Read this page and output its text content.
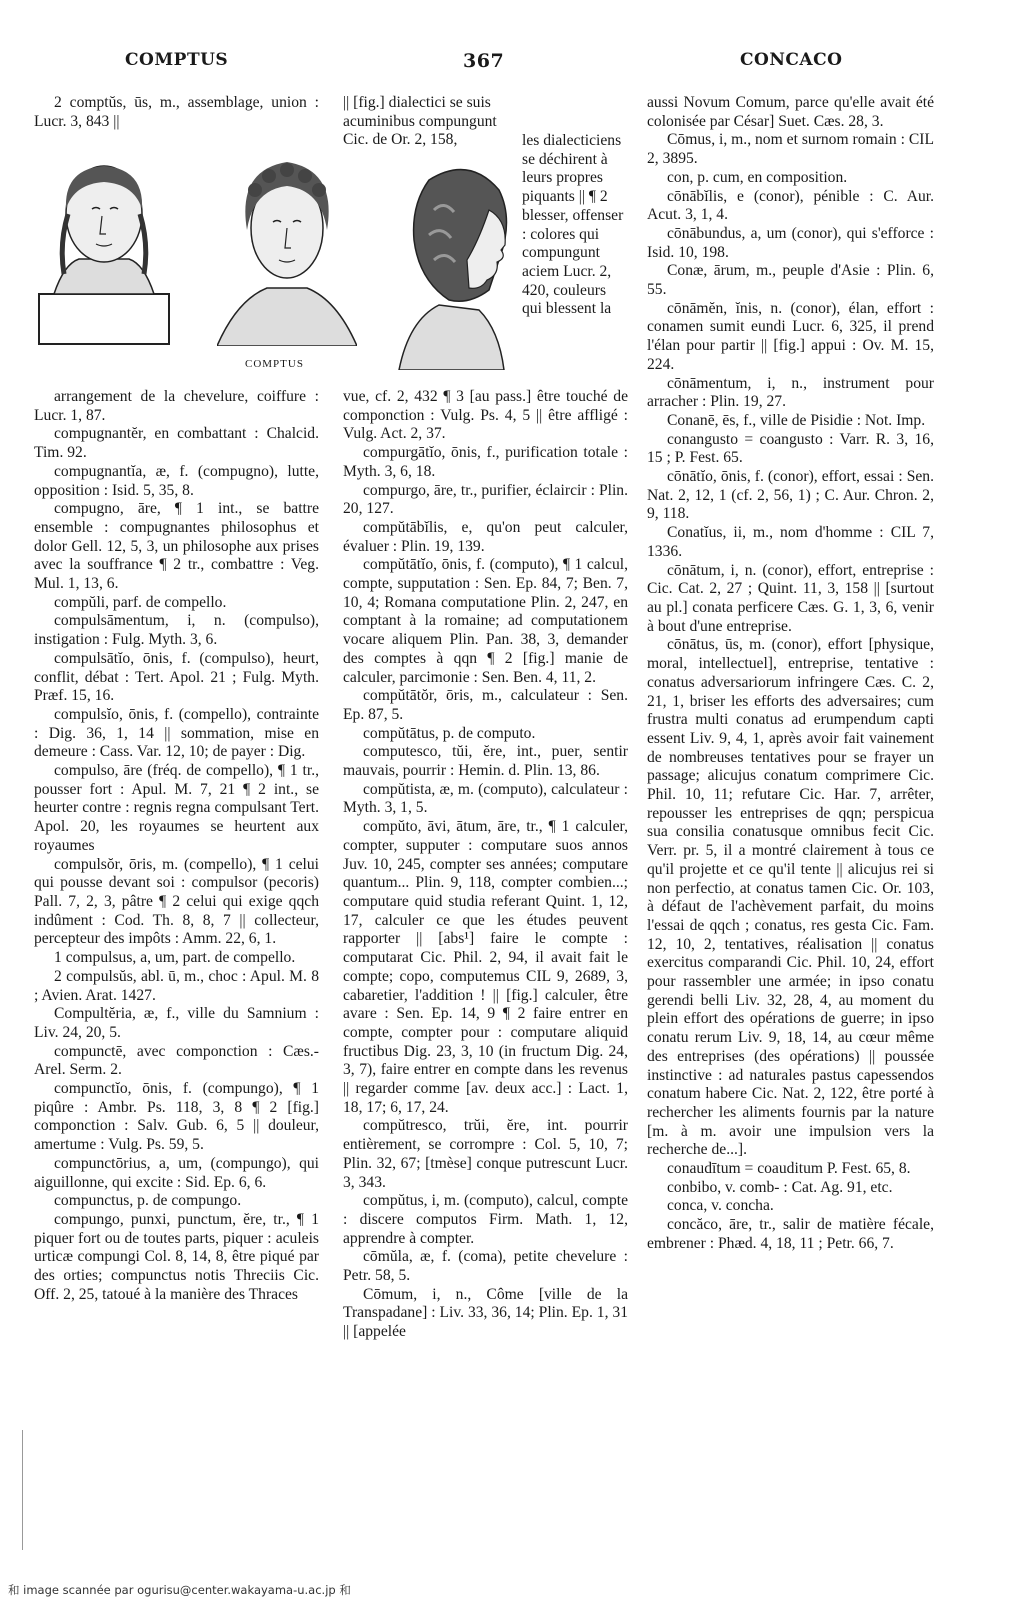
COMPTUS	367	CONCACO

2 comptŭs, ūs, m., assemblage, union : Lucr. 3, 843 ||

COMPTUS

arrangement de la chevelure, coiffure : Lucr. 1, 87.

compugnantĕr, en combattant : Chalcid. Tim. 92.

compugnantĭa, æ, f. (compugno), lutte, opposition : Isid. 5, 35, 8.

compugno, āre, ¶ 1 int., se battre ensemble : compugnantes philosophus et dolor Gell. 12, 5, 3, un philosophe aux prises avec la souffrance ¶ 2 tr., combattre : Veg. Mul. 1, 13, 6.

compŭli, parf. de compello.

compulsāmentum, i, n. (compulso), instigation : Fulg. Myth. 3, 6.

compulsātĭo, ōnis, f. (compulso), heurt, conflit, débat : Tert. Apol. 21 ; Fulg. Myth. Præf. 15, 16.

compulsĭo, ōnis, f. (compello), contrainte : Dig. 36, 1, 14 || sommation, mise en demeure : Cass. Var. 12, 10; de payer : Dig.

compulso, āre (fréq. de compello), ¶ 1 tr., pousser fort : Apul. M. 7, 21 ¶ 2 int., se heurter contre : regnis regna compulsant Tert. Apol. 20, les royaumes se heurtent aux royaumes

compulsŏr, ōris, m. (compello), ¶ 1 celui qui pousse devant soi : compulsor (pecoris) Pall. 7, 2, 3, pâtre ¶ 2 celui qui exige qqch indûment : Cod. Th. 8, 8, 7 || collecteur, percepteur des impôts : Amm. 22, 6, 1.

1 compulsus, a, um, part. de compello.

2 compulsŭs, abl. ū, m., choc : Apul. M. 8 ; Avien. Arat. 1427.

Compultĕria, æ, f., ville du Samnium : Liv. 24, 20, 5.

compunctē, avec componction : Cæs.-Arel. Serm. 2.

compunctĭo, ōnis, f. (compungo), ¶ 1 piqûre : Ambr. Ps. 118, 3, 8 ¶ 2 [fig.] componction : Salv. Gub. 6, 5 || douleur, amertume : Vulg. Ps. 59, 5.

compunctōrius, a, um, (compungo), qui aiguillonne, qui excite : Sid. Ep. 6, 6.

compunctus, p. de compungo.

compungo, punxi, punctum, ĕre, tr., ¶ 1 piquer fort ou de toutes parts, piquer : aculeis urticæ compungi Col. 8, 14, 8, être piqué par des orties; compunctus notis Threciis Cic. Off. 2, 25, tatoué à la manière des Thraces

|| [fig.] dialectici se suis acuminibus compungunt Cic. de Or. 2, 158,	les dialecticiens se déchirent à leurs propres piquants || ¶ 2 blesser, offenser : colores qui compungunt aciem Lucr. 2, 420, couleurs qui blessent la

vue, cf. 2, 432 ¶ 3 [au pass.] être touché de componction : Vulg. Ps. 4, 5 || être affligé : Vulg. Act. 2, 37.

compurgātĭo, ōnis, f., purification totale : Myth. 3, 6, 18.

compurgo, āre, tr., purifier, éclaircir : Plin. 20, 127.

compŭtābĭlis, e, qu'on peut calculer, évaluer : Plin. 19, 139.

compŭtātĭo, ōnis, f. (computo), ¶ 1 calcul, compte, supputation : Sen. Ep. 84, 7; Ben. 7, 10, 4; Romana computatione Plin. 2, 247, en comptant à la romaine; ad computationem vocare aliquem Plin. Pan. 38, 3, demander des comptes à qqn ¶ 2 [fig.] manie de calculer, parcimonie : Sen. Ben. 4, 11, 2.

compŭtātŏr, ōris, m., calculateur : Sen. Ep. 87, 5.

compŭtātus, p. de computo.

computesco, tŭi, ĕre, int., puer, sentir mauvais, pourrir : Hemin. d. Plin. 13, 86.

compŭtista, æ, m. (computo), calculateur : Myth. 3, 1, 5.

compŭto, āvi, ātum, āre, tr., ¶ 1 calculer, compter, supputer : computare suos annos Juv. 10, 245, compter ses années; computare quantum... Plin. 9, 118, compter combien...; computare quid studia referant Quint. 1, 12, 17, calculer ce que les études peuvent rapporter || [abs¹] faire le compte : computarat Cic. Phil. 2, 94, il avait fait le compte; copo, computemus CIL 9, 2689, 3, cabaretier, l'addition ! || [fig.] calculer, être avare : Sen. Ep. 14, 9 ¶ 2 faire entrer en compte, compter pour : computare aliquid fructibus Dig. 23, 3, 10 (in fructum Dig. 24, 3, 7), faire entrer en compte dans les revenus || regarder comme [av. deux acc.] : Lact. 1, 18, 17; 6, 17, 24.

compŭtresco, trŭi, ĕre, int. pourrir entièrement, se corrompre : Col. 5, 10, 7; Plin. 32, 67; [tmèse] conque putrescunt Lucr. 3, 343.

compŭtus, i, m. (computo), calcul, compte : discere computos Firm. Math. 1, 12, apprendre à compter.

cōmŭla, æ, f. (coma), petite chevelure : Petr. 58, 5.

Cōmum, i, n., Côme [ville de la Transpadane] : Liv. 33, 36, 14; Plin. Ep. 1, 31 || [appelée

aussi Novum Comum, parce qu'elle avait été colonisée par César] Suet. Cæs. 28, 3.

Cōmus, i, m., nom et surnom romain : CIL 2, 3895.

con, p. cum, en composition.

cōnābĭlis, e (conor), pénible : C. Aur. Acut. 3, 1, 4.

cōnābundus, a, um (conor), qui s'efforce : Isid. 10, 198.

Conæ, ārum, m., peuple d'Asie : Plin. 6, 55.

cōnāmĕn, ĭnis, n. (conor), élan, effort : conamen sumit eundi Lucr. 6, 325, il prend l'élan pour partir || [fig.] appui : Ov. M. 15, 224.

cōnāmentum, i, n., instrument pour arracher : Plin. 19, 27.

Conanē, ēs, f., ville de Pisidie : Not. Imp.

conangusto = coangusto : Varr. R. 3, 16, 15 ; P. Fest. 65.

cōnātĭo, ōnis, f. (conor), effort, essai : Sen. Nat. 2, 12, 1 (cf. 2, 56, 1) ; C. Aur. Chron. 2, 9, 118.

Conatĭus, ii, m., nom d'homme : CIL 7, 1336.

cōnātum, i, n. (conor), effort, entreprise : Cic. Cat. 2, 27 ; Quint. 11, 3, 158 || [surtout au pl.] conata perficere Cæs. G. 1, 3, 6, venir à bout d'une entreprise.

cōnātus, ūs, m. (conor), effort [physique, moral, intellectuel], entreprise, tentative : conatus adversariorum infringere Cæs. C. 2, 21, 1, briser les efforts des adversaires; cum frustra multi conatus ad erumpendum capti essent Liv. 9, 4, 1, après avoir fait vainement de nombreuses tentatives pour se frayer un passage; alicujus conatum comprimere Cic. Phil. 10, 11; refutare Cic. Har. 7, arrêter, repousser les entreprises de qqn; perspicua sua consilia conatusque omnibus fecit Cic. Verr. pr. 5, il a montré clairement à tous ce qu'il projette et ce qu'il tente || alicujus rei si non perfectio, at conatus tamen Cic. Or. 103, à défaut de l'achèvement parfait, du moins l'essai de qqch ; conatus, res gesta Cic. Fam. 12, 10, 2, tentatives, réalisation || conatus exercitus comparandi Cic. Phil. 10, 24, effort pour rassembler une armée; in ipso conatu gerendi belli Liv. 32, 28, 4, au moment du plein effort des opérations de guerre; in ipso conatu rerum Liv. 9, 18, 14, au cœur même des entreprises (des opérations) || poussée instinctive : ad naturales pastus capessendos conatum habere Cic. Nat. 2, 122, être porté à rechercher les aliments fournis par la nature [m. à m. avoir une impulsion vers la recherche de...].

conaudītum = coauditum P. Fest. 65, 8.

conbibo, v. comb- : Cat. Ag. 91, etc.

conca, v. concha.

concăco, āre, tr., salir de matière fécale, embrener : Phæd. 4, 18, 11 ; Petr. 66, 7.

和 image scannée par ogurisu@center.wakayama-u.ac.jp 和
